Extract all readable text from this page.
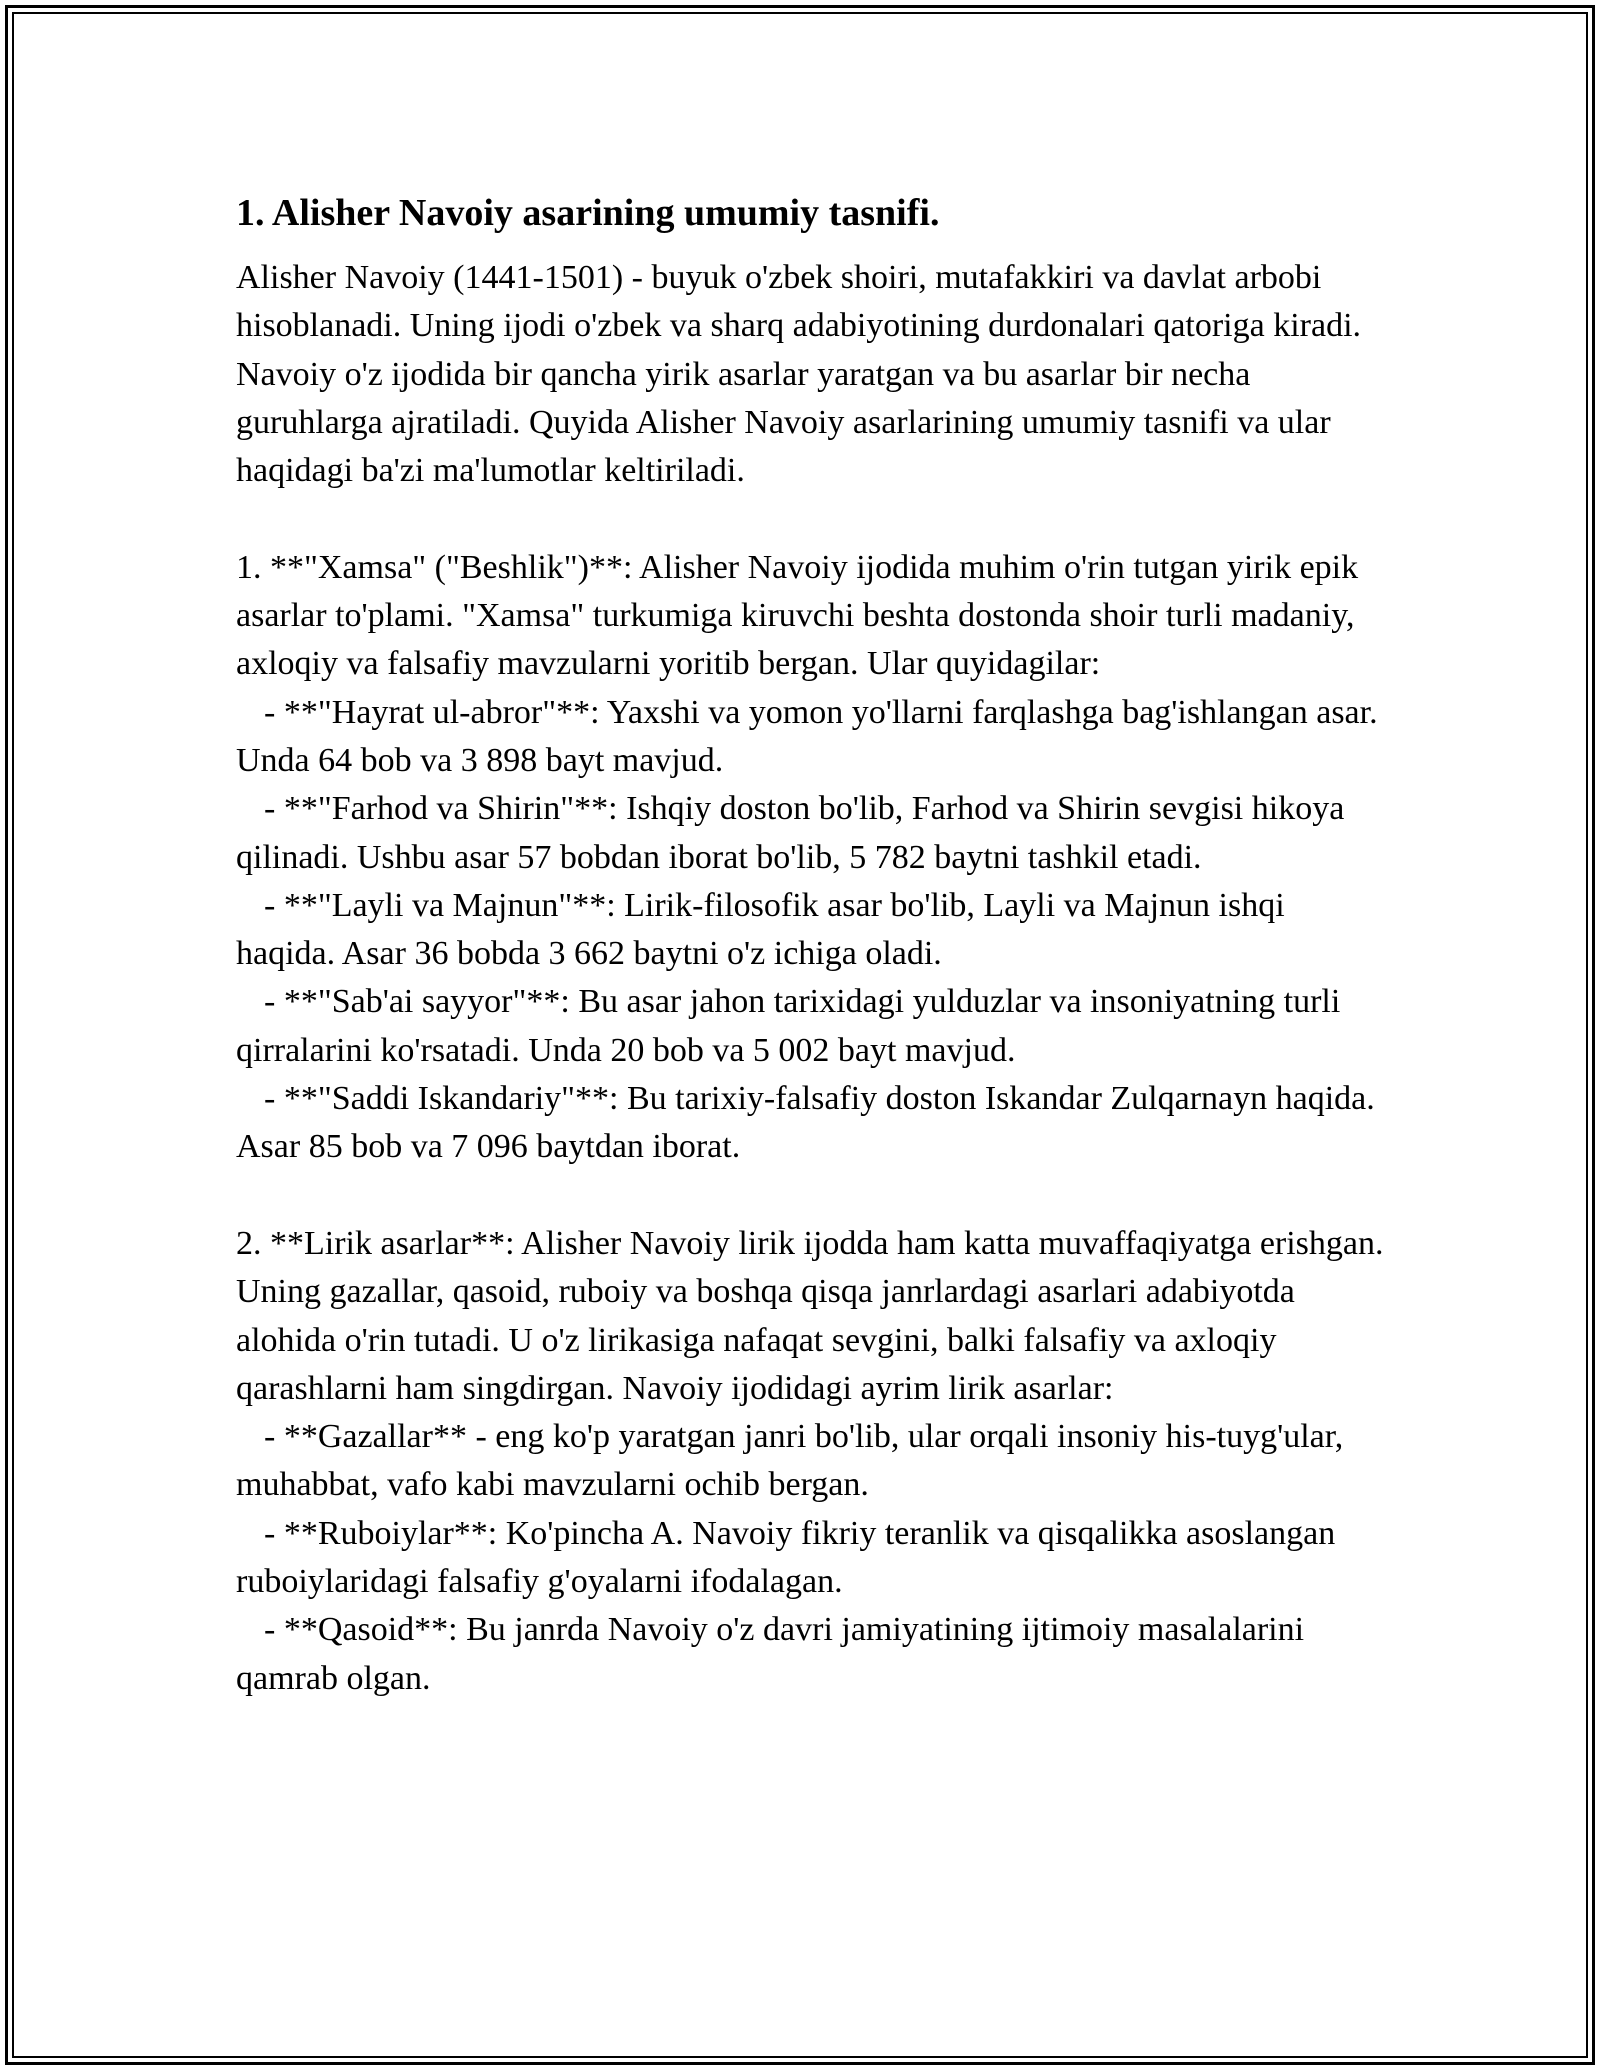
1. Alisher Navoiy asarining umumiy tasnifi.

Alisher Navoiy (1441-1501) - buyuk o'zbek shoiri, mutafakkiri va davlat arbobi hisoblanadi. Uning ijodi o'zbek va sharq adabiyotining durdonalari qatoriga kiradi. Navoiy o'z ijodida bir qancha yirik asarlar yaratgan va bu asarlar bir necha guruhlarga ajratiladi. Quyida Alisher Navoiy asarlarining umumiy tasnifi va ular haqidagi ba'zi ma'lumotlar keltiriladi.

1. **"Xamsa" ("Beshlik")**: Alisher Navoiy ijodida muhim o'rin tutgan yirik epik asarlar to'plami. "Xamsa" turkumiga kiruvchi beshta dostonda shoir turli madaniy, axloqiy va falsafiy mavzularni yoritib bergan. Ular quyidagilar:

- **"Hayrat ul-abror"**: Yaxshi va yomon yo'llarni farqlashga bag'ishlangan asar. Unda 64 bob va 3 898 bayt mavjud.

- **"Farhod va Shirin"**: Ishqiy doston bo'lib, Farhod va Shirin sevgisi hikoya qilinadi. Ushbu asar 57 bobdan iborat bo'lib, 5 782 baytni tashkil etadi.

- **"Layli va Majnun"**: Lirik-filosofik asar bo'lib, Layli va Majnun ishqi haqida. Asar 36 bobda 3 662 baytni o'z ichiga oladi.

- **"Sab'ai sayyor"**: Bu asar jahon tarixidagi yulduzlar va insoniyatning turli qirralarini ko'rsatadi. Unda 20 bob va 5 002 bayt mavjud.

- **"Saddi Iskandariy"**: Bu tarixiy-falsafiy doston Iskandar Zulqarnayn haqida. Asar 85 bob va 7 096 baytdan iborat.

2. **Lirik asarlar**: Alisher Navoiy lirik ijodda ham katta muvaffaqiyatga erishgan. Uning gazallar, qasoid, ruboiy va boshqa qisqa janrlardagi asarlari adabiyotda alohida o'rin tutadi. U o'z lirikasiga nafaqat sevgini, balki falsafiy va axloqiy qarashlarni ham singdirgan. Navoiy ijodidagi ayrim lirik asarlar:

- **Gazallar** - eng ko'p yaratgan janri bo'lib, ular orqali insoniy his-tuyg'ular, muhabbat, vafo kabi mavzularni ochib bergan.

- **Ruboiylar**: Ko'pincha A. Navoiy fikriy teranlik va qisqalikka asoslangan ruboiylaridagi falsafiy g'oyalarni ifodalagan.

- **Qasoid**: Bu janrda Navoiy o'z davri jamiyatining ijtimoiy masalalarini qamrab olgan.
